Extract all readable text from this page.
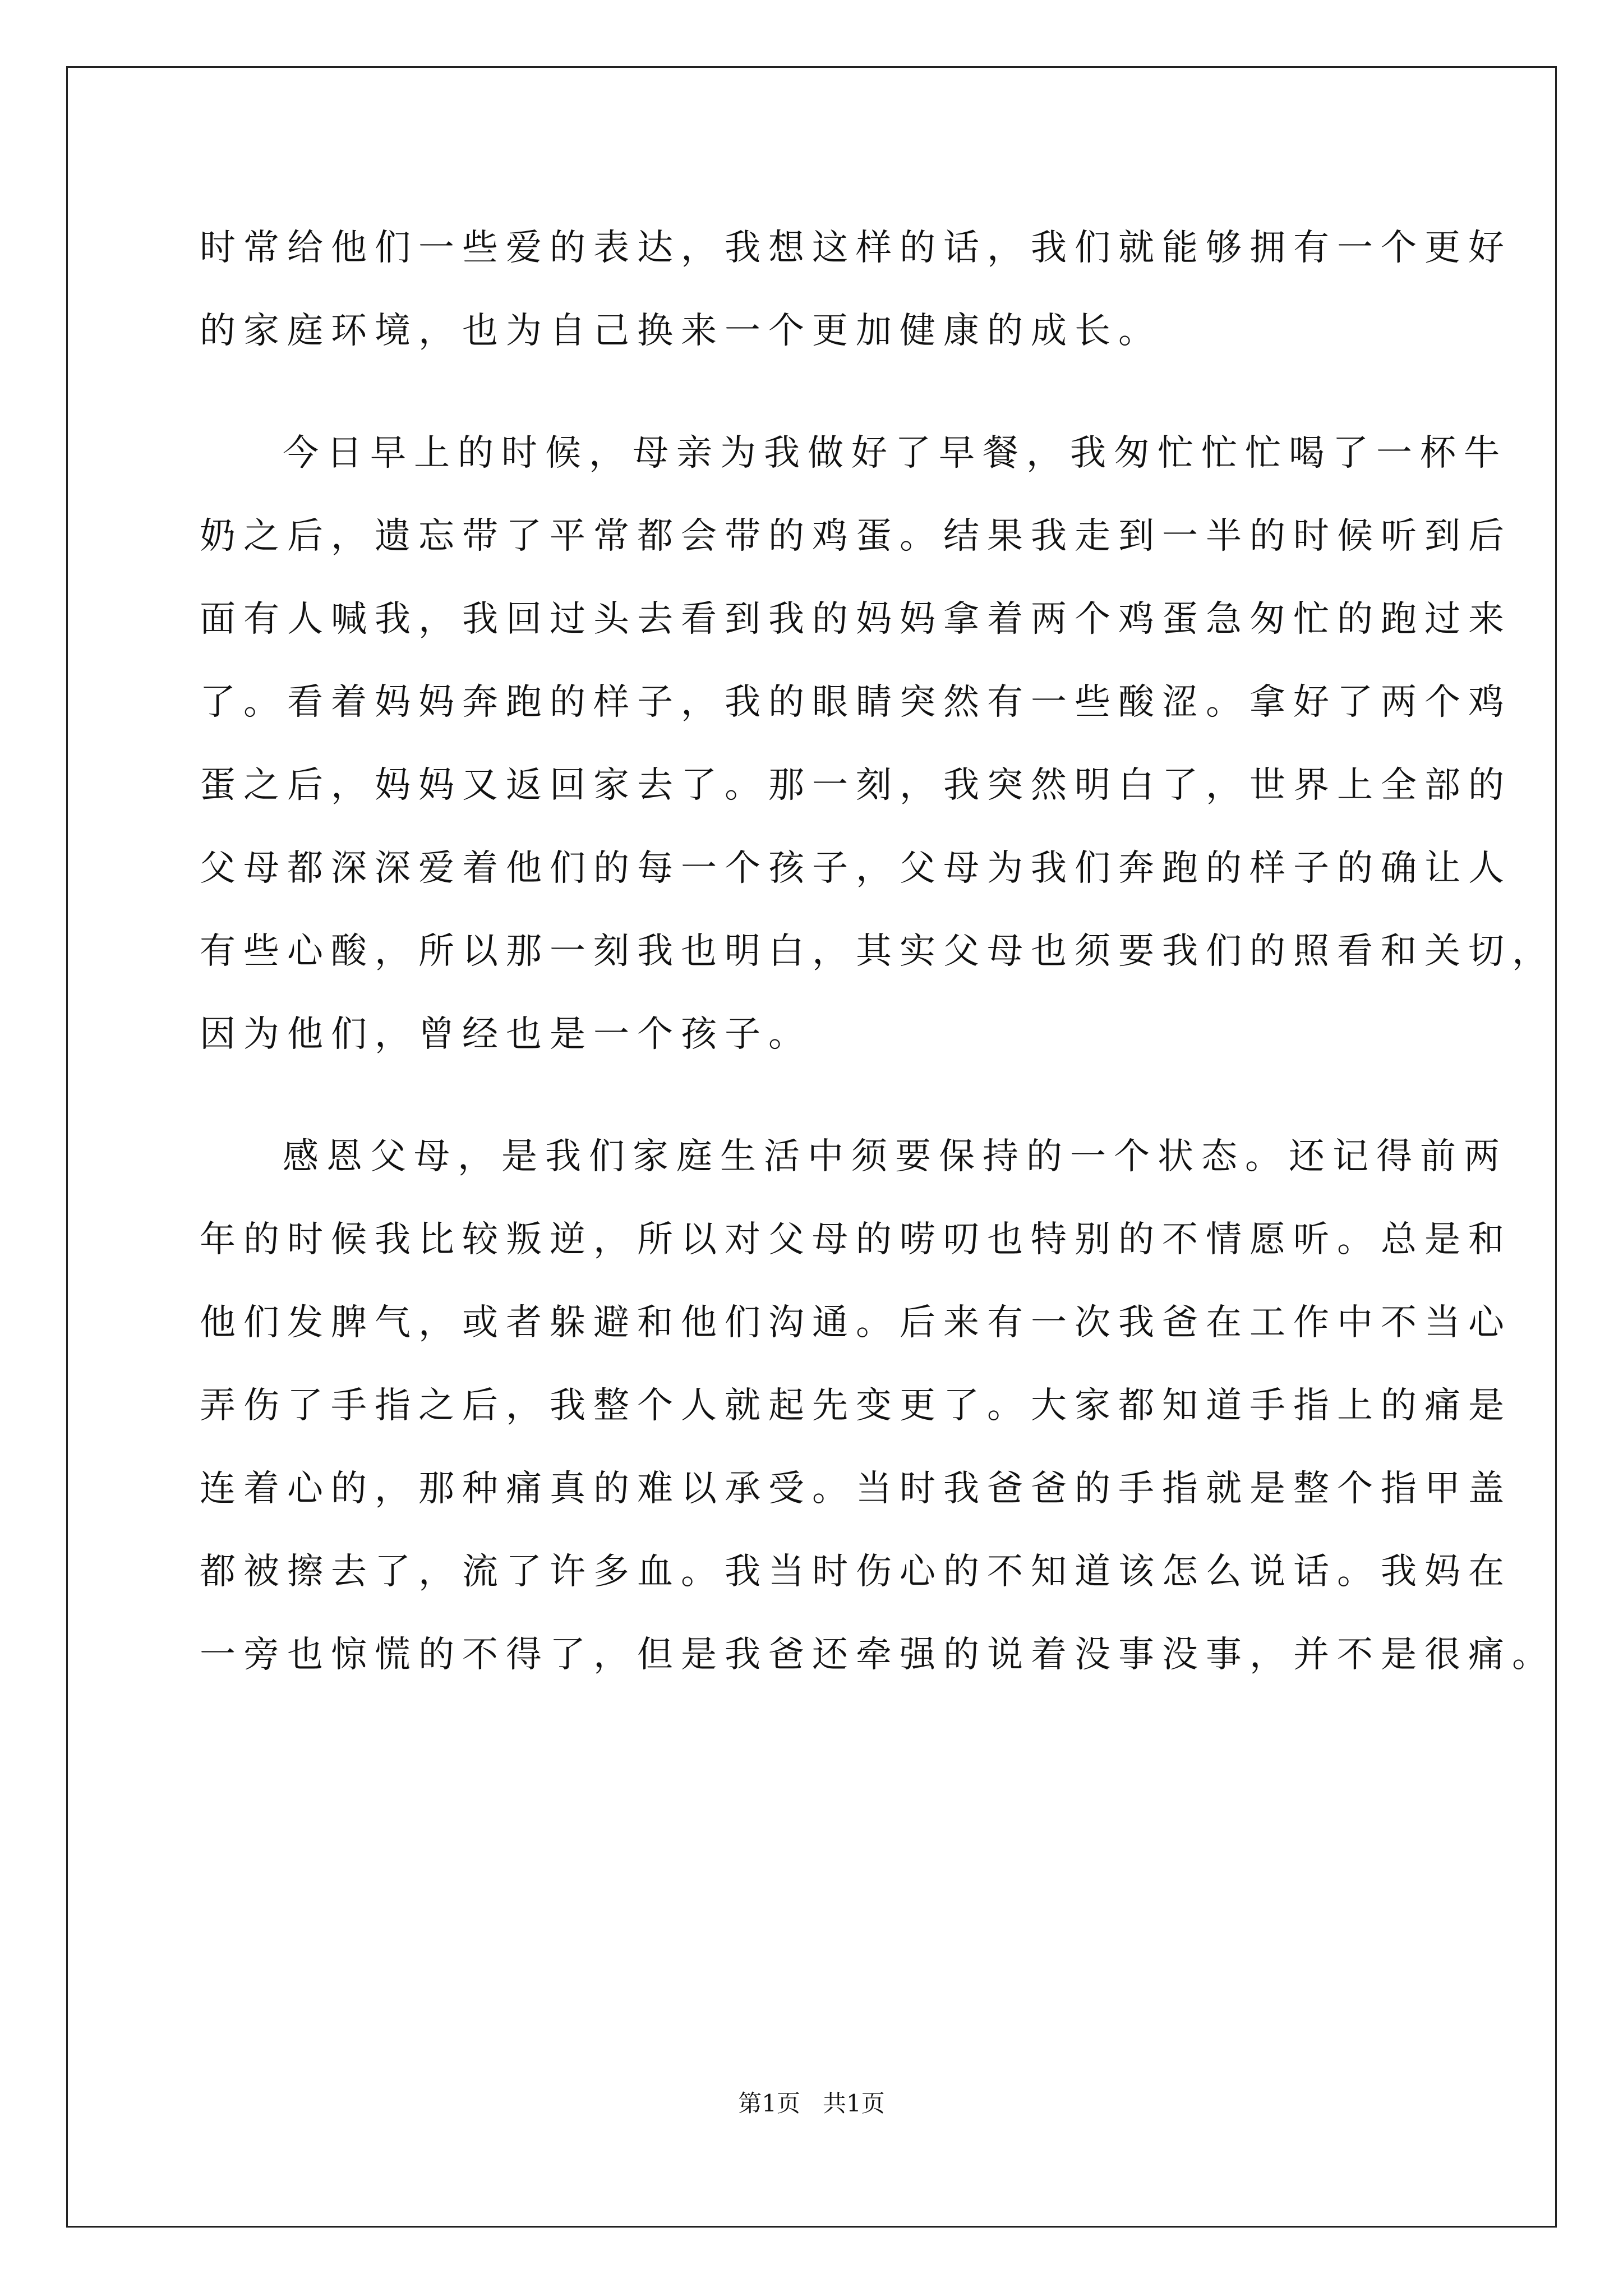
时常给他们一些爱的表达，我想这样的话，我们就能够拥有一个更好
的家庭环境，也为自己换来一个更加健康的成长。
今日早上的时候，母亲为我做好了早餐，我匆忙忙忙喝了一杯牛
奶之后，遗忘带了平常都会带的鸡蛋。结果我走到一半的时候听到后
面有人喊我，我回过头去看到我的妈妈拿着两个鸡蛋急匆忙的跑过来
了。看着妈妈奔跑的样子，我的眼睛突然有一些酸涩。拿好了两个鸡
蛋之后，妈妈又返回家去了。那一刻，我突然明白了，世界上全部的
父母都深深爱着他们的每一个孩子，父母为我们奔跑的样子的确让人
有些心酸，所以那一刻我也明白，其实父母也须要我们的照看和关切，
因为他们，曾经也是一个孩子。
感恩父母，是我们家庭生活中须要保持的一个状态。还记得前两
年的时候我比较叛逆，所以对父母的唠叨也特别的不情愿听。总是和
他们发脾气，或者躲避和他们沟通。后来有一次我爸在工作中不当心
弄伤了手指之后，我整个人就起先变更了。大家都知道手指上的痛是
连着心的，那种痛真的难以承受。当时我爸爸的手指就是整个指甲盖
都被擦去了，流了许多血。我当时伤心的不知道该怎么说话。我妈在
一旁也惊慌的不得了，但是我爸还牵强的说着没事没事，并不是很痛。
第1页   共1页
